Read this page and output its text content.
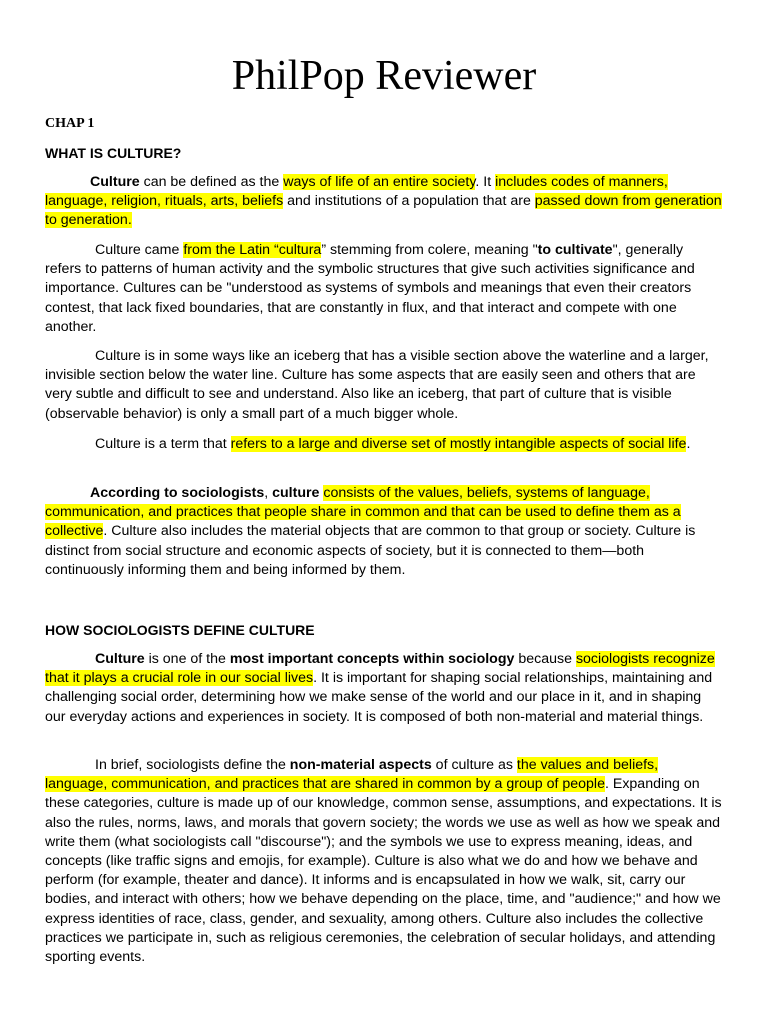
PhilPop Reviewer
CHAP 1
WHAT IS CULTURE?

Culture can be defined as the ways of life of an entire society. It includes codes of manners, language, religion, rituals, arts, beliefs and institutions of a population that are passed down from generation to generation.

Culture came from the Latin “cultura” stemming from colere, meaning "to cultivate", generally refers to patterns of human activity and the symbolic structures that give such activities significance and importance. Cultures can be "understood as systems of symbols and meanings that even their creators contest, that lack fixed boundaries, that are constantly in flux, and that interact and compete with one another.

Culture is in some ways like an iceberg that has a visible section above the waterline and a larger, invisible section below the water line. Culture has some aspects that are easily seen and others that are very subtle and difficult to see and understand. Also like an iceberg, that part of culture that is visible (observable behavior) is only a small part of a much bigger whole.

Culture is a term that refers to a large and diverse set of mostly intangible aspects of social life.

According to sociologists, culture consists of the values, beliefs, systems of language, communication, and practices that people share in common and that can be used to define them as a collective. Culture also includes the material objects that are common to that group or society. Culture is distinct from social structure and economic aspects of society, but it is connected to them—both continuously informing them and being informed by them.

HOW SOCIOLOGISTS DEFINE CULTURE

Culture is one of the most important concepts within sociology because sociologists recognize that it plays a crucial role in our social lives. It is important for shaping social relationships, maintaining and challenging social order, determining how we make sense of the world and our place in it, and in shaping our everyday actions and experiences in society. It is composed of both non-material and material things.

In brief, sociologists define the non-material aspects of culture as the values and beliefs, language, communication, and practices that are shared in common by a group of people. Expanding on these categories, culture is made up of our knowledge, common sense, assumptions, and expectations. It is also the rules, norms, laws, and morals that govern society; the words we use as well as how we speak and write them (what sociologists call "discourse"); and the symbols we use to express meaning, ideas, and concepts (like traffic signs and emojis, for example). Culture is also what we do and how we behave and perform (for example, theater and dance). It informs and is encapsulated in how we walk, sit, carry our bodies, and interact with others; how we behave depending on the place, time, and "audience;" and how we express identities of race, class, gender, and sexuality, among others. Culture also includes the collective practices we participate in, such as religious ceremonies, the celebration of secular holidays, and attending sporting events.
